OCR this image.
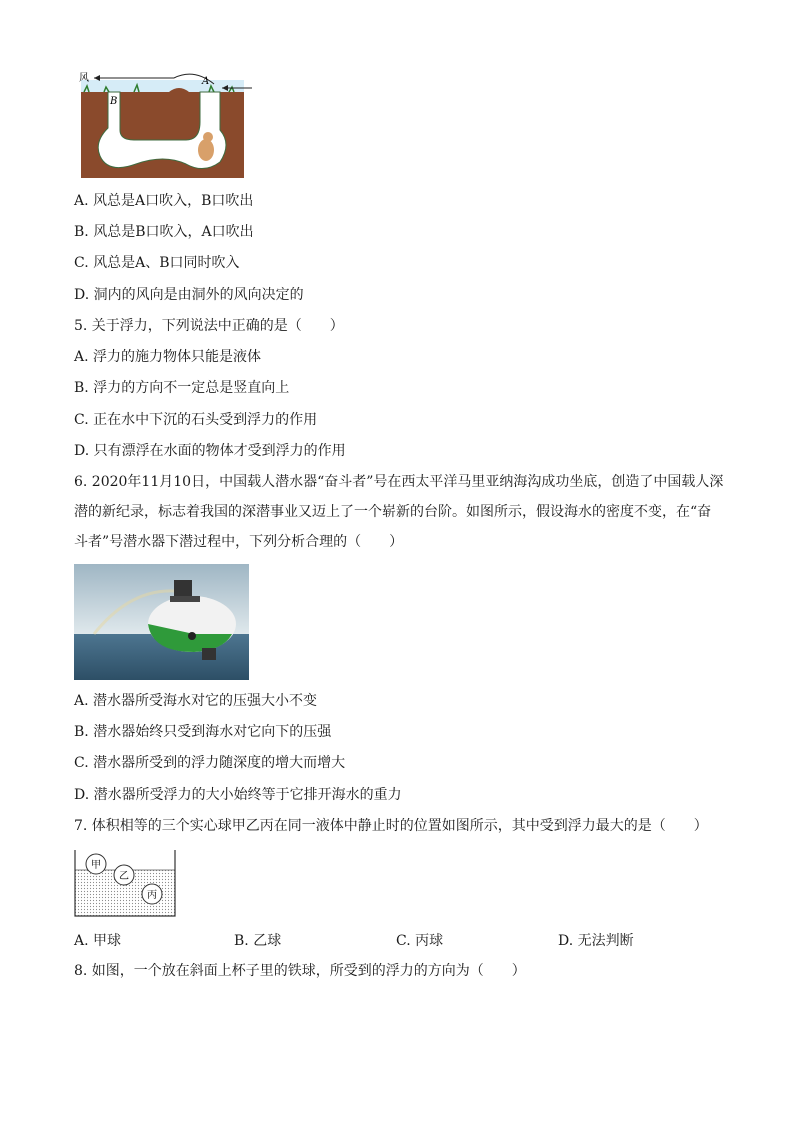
风	A
B
A. 风总是A口吹入，B口吹出
B. 风总是B口吹入，A口吹出
C. 风总是A、B口同时吹入
D. 洞内的风向是由洞外的风向决定的
5. 关于浮力，下列说法中正确的是（　　）
A. 浮力的施力物体只能是液体
B. 浮力的方向不一定总是竖直向上
C. 正在水中下沉的石头受到浮力的作用
D. 只有漂浮在水面的物体才受到浮力的作用
6. 2020年11月10日，中国载人潜水器“奋斗者”号在西太平洋马里亚纳海沟成功坐底，创造了中国载人深潜的新纪录，标志着我国的深潜事业又迈上了一个崭新的台阶。如图所示，假设海水的密度不变，在“奋斗者”号潜水器下潜过程中，下列分析合理的（　　）
A. 潜水器所受海水对它的压强大小不变
B. 潜水器始终只受到海水对它向下的压强
C. 潜水器所受到的浮力随深度的增大而增大
D. 潜水器所受浮力的大小始终等于它排开海水的重力
7. 体积相等的三个实心球甲乙丙在同一液体中静止时的位置如图所示，其中受到浮力最大的是（　　）
甲
乙
丙
A. 甲球	B. 乙球	C. 丙球	D. 无法判断
8. 如图，一个放在斜面上杯子里的铁球，所受到的浮力的方向为（　　）
